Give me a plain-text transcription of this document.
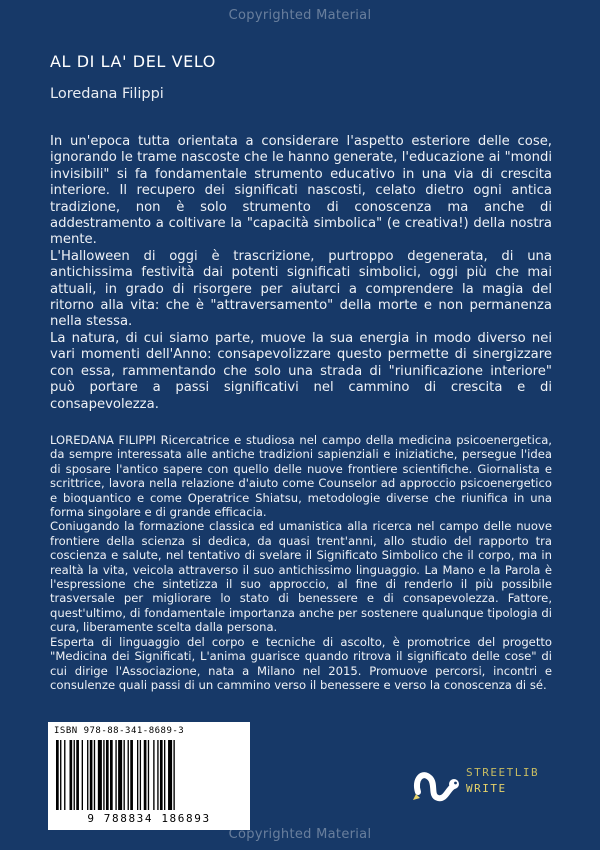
Copyrighted Material
AL DI LA' DEL VELO
Loredana Filippi

In un'epoca tutta orientata a considerare l'aspetto esteriore delle cose, ignorando le trame nascoste che le hanno generate, l'educazione ai "mondi invisibili" si fa fondamentale strumento educativo in una via di crescita interiore. Il recupero dei significati nascosti, celato dietro ogni antica tradizione, non è solo strumento di conoscenza ma anche di addestramento a coltivare la "capacità simbolica" (e creativa!) della nostra mente.

L'Halloween di oggi è trascrizione, purtroppo degenerata, di una antichissima festività dai potenti significati simbolici, oggi più che mai attuali, in grado di risorgere per aiutarci a comprendere la magia del ritorno alla vita: che è "attraversamento" della morte e non permanenza nella stessa.

La natura, di cui siamo parte, muove la sua energia in modo diverso nei vari momenti dell'Anno: consapevolizzare questo permette di sinergizzare con essa, rammentando che solo una strada di "riunificazione interiore" può portare a passi significativi nel cammino di crescita e di consapevolezza.

LOREDANA FILIPPI Ricercatrice e studiosa nel campo della medicina psicoenergetica, da sempre interessata alle antiche tradizioni sapienziali e iniziatiche, persegue l'idea di sposare l'antico sapere con quello delle nuove frontiere scientifiche. Giornalista e scrittrice, lavora nella relazione d'aiuto come Counselor ad approccio psicoenergetico e bioquantico e come Operatrice Shiatsu, metodologie diverse che riunifica in una forma singolare e di grande efficacia.

Coniugando la formazione classica ed umanistica alla ricerca nel campo delle nuove frontiere della scienza si dedica, da quasi trent'anni, allo studio del rapporto tra coscienza e salute, nel tentativo di svelare il Significato Simbolico che il corpo, ma in realtà la vita, veicola attraverso il suo antichissimo linguaggio. La Mano e la Parola è l'espressione che sintetizza il suo approccio, al fine di renderlo il più possibile trasversale per migliorare lo stato di benessere e di consapevolezza. Fattore, quest'ultimo, di fondamentale importanza anche per sostenere qualunque tipologia di cura, liberamente scelta dalla persona.

Esperta di linguaggio del corpo e tecniche di ascolto, è promotrice del progetto "Medicina dei Significati, L'anima guarisce quando ritrova il significato delle cose" di cui dirige l'Associazione, nata a Milano nel 2015. Promuove percorsi, incontri e consulenze quali passi di un cammino verso il benessere e verso la conoscenza di sé.

ISBN 978-88-341-8689-3
9 788834 186893
STREETLIB
WRITE
Copyrighted Material
